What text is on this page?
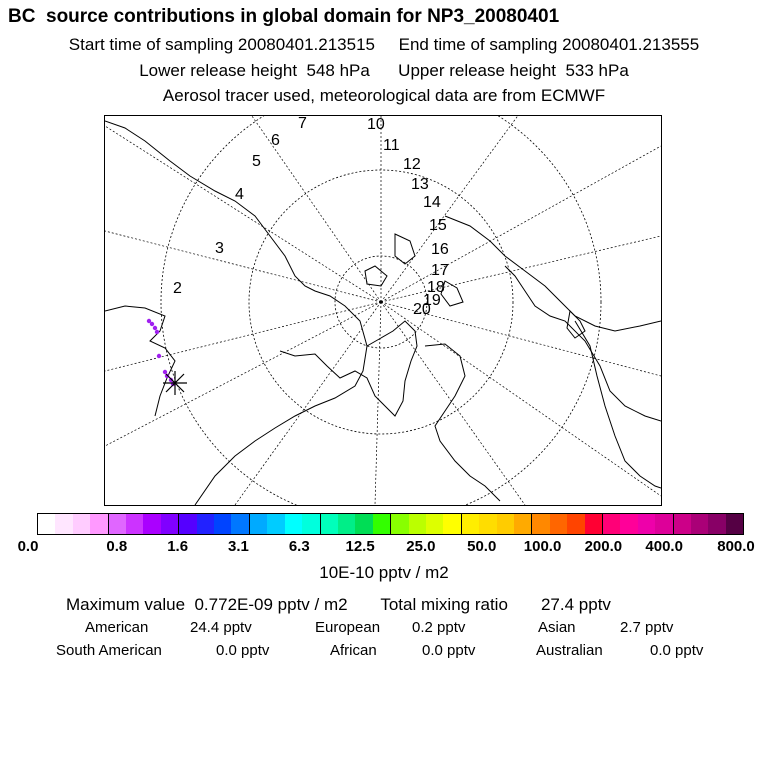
BC  source contributions in global domain for NP3_20080401
Start time of sampling 20080401.213515 End time of sampling 20080401.213555
Lower release height  548 hPa Upper release height  533 hPa
Aerosol tracer used, meteorological data are from ECMWF
2
3
4
5
6
7	10
11
12
13
14
15
16
17
18
19
20
0.0	0.8	1.6	3.1	6.3 12.5 25.0 50.0 100.0 200.0 400.0 800.0
10E-10 pptv / m2
Maximum value  0.772E-09 pptv / m2 Total mixing ratio 27.4 pptv
American	24.4 pptv	European 0.2 pptv	Asian	2.7 pptv
South American	0.0 pptv	African	0.0 pptv	Australian	0.0 pptv
